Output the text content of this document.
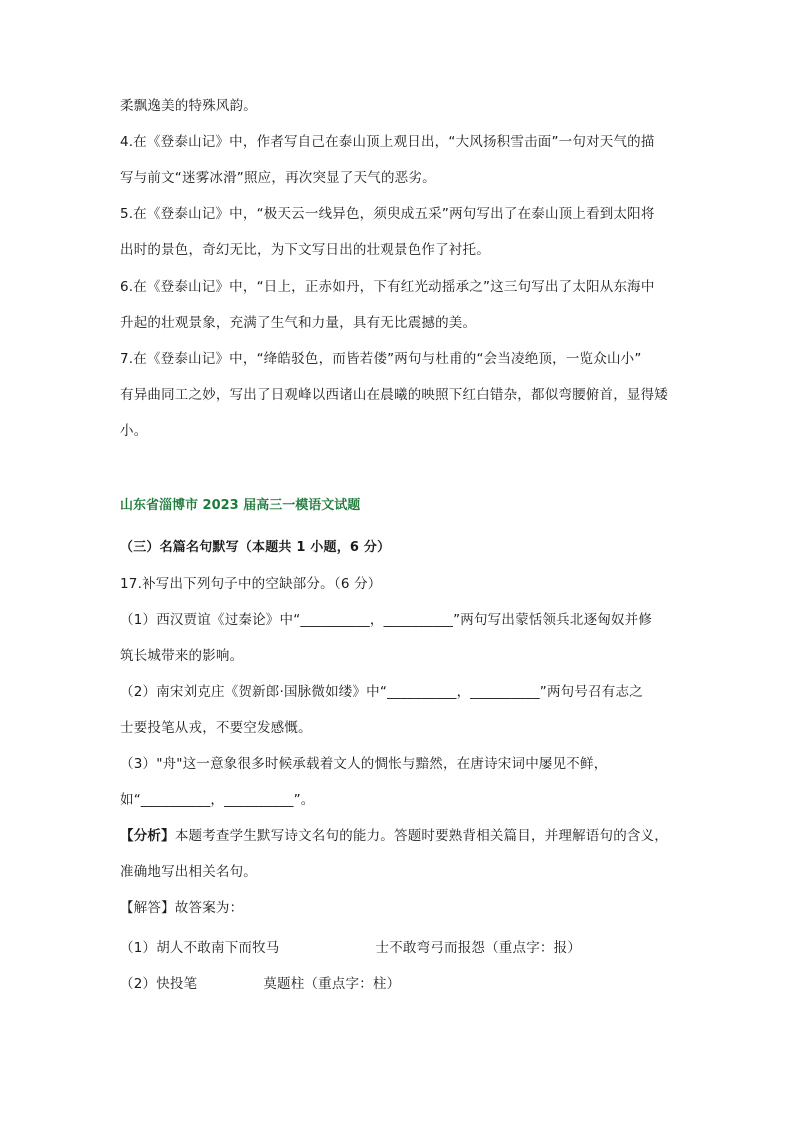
柔飘逸美的特殊风韵。

4.在《登泰山记》中，作者写自己在泰山顶上观日出，“大风扬积雪击面”一句对天气的描

写与前文“迷雾冰滑”照应，再次突显了天气的恶劣。

5.在《登泰山记》中，“极天云一线异色，须臾成五采”两句写出了在泰山顶上看到太阳将

出时的景色，奇幻无比，为下文写日出的壮观景色作了衬托。

6.在《登泰山记》中，“日上，正赤如丹，下有红光动摇承之”这三句写出了太阳从东海中

升起的壮观景象，充满了生气和力量，具有无比震撼的美。

7.在《登泰山记》中，“绛皓驳色，而皆若偻”两句与杜甫的“会当凌绝顶，一览众山小”

有异曲同工之妙，写出了日观峰以西诸山在晨曦的映照下红白错杂，都似弯腰俯首，显得矮

小。

山东省淄博市 2023 届高三一模语文试题

（三）名篇名句默写（本题共 1 小题，6 分）

17.补写出下列句子中的空缺部分。（6 分）

（1）西汉贾谊《过秦论》中“__________，__________”两句写出蒙恬领兵北逐匈奴并修

筑长城带来的影响。

（2）南宋刘克庄《贺新郎·国脉微如缕》中“__________，__________”两句号召有志之

士要投笔从戎，不要空发感慨。

（3）"舟"这一意象很多时候承载着文人的惆怅与黯然，在唐诗宋词中屡见不鲜，

如“__________，__________”。

【分析】本题考查学生默写诗文名句的能力。答题时要熟背相关篇目，并理解语句的含义，

准确地写出相关名句。

【解答】故答案为：

（1）胡人不敢南下而牧马	士不敢弯弓而报怨（重点字：报）

（2）快投笔	莫题柱（重点字：柱）
